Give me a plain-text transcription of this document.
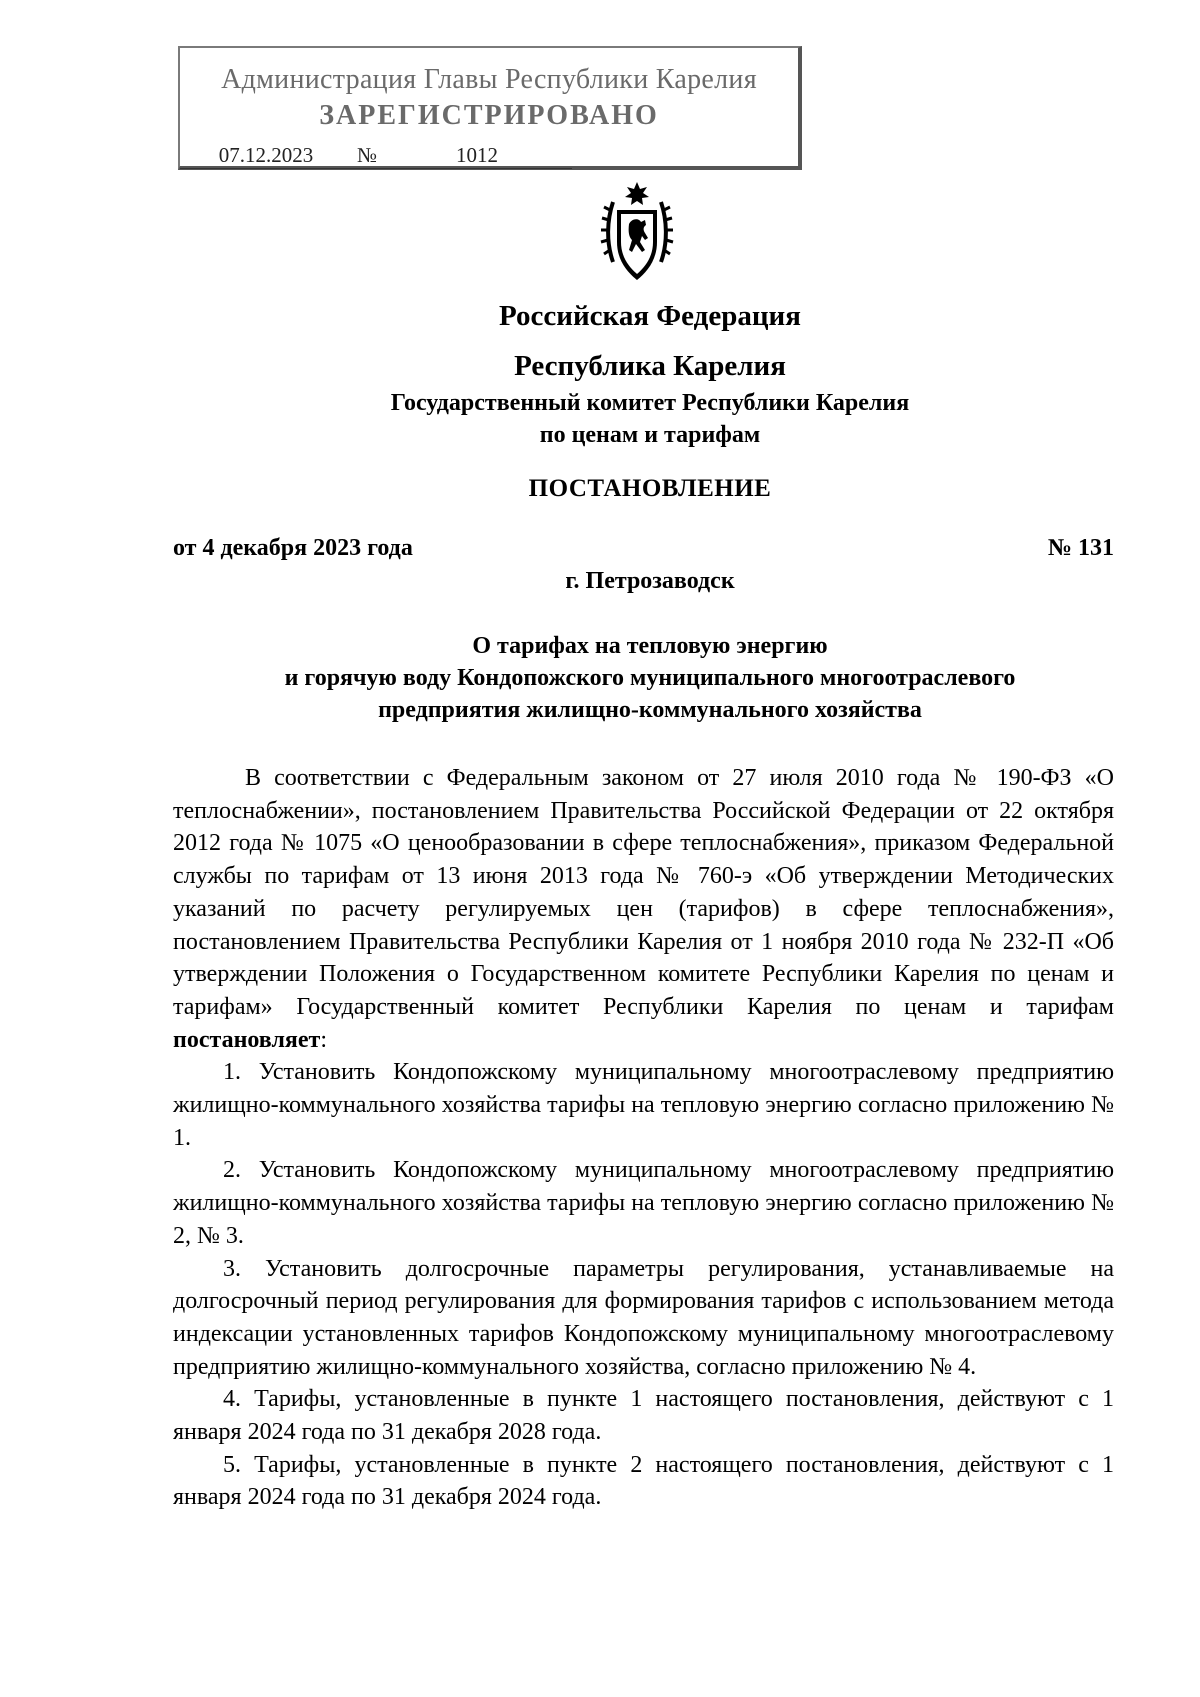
Администрация Главы Республики Карелия
ЗАРЕГИСТРИРОВАНО
07.12.2023 №	1012
Российская Федерация
Республика Карелия
Государственный комитет Республики Карелия
по ценам и тарифам
ПОСТАНОВЛЕНИЕ
от 4 декабря 2023 года	№ 131
г. Петрозаводск
О тарифах на тепловую энергию
и горячую воду Кондопожского муниципального многоотраслевого
предприятия жилищно-коммунального хозяйства

В соответствии с Федеральным законом от 27 июля 2010 года № 190-ФЗ «О теплоснабжении», постановлением Правительства Российской Федерации от 22 октября 2012 года № 1075 «О ценообразовании в сфере теплоснабжения», приказом Федеральной службы по тарифам от 13 июня 2013 года № 760-э «Об утверждении Методических указаний по расчету регулируемых цен (тарифов) в сфере теплоснабжения», постановлением Правительства Республики Карелия от 1 ноября 2010 года № 232-П «Об утверждении Положения о Государственном комитете Республики Карелия по ценам и тарифам» Государственный комитет Республики Карелия по ценам и тарифам постановляет:

1. Установить Кондопожскому муниципальному многоотраслевому предприятию жилищно-коммунального хозяйства тарифы на тепловую энергию согласно приложению № 1.

2. Установить Кондопожскому муниципальному многоотраслевому предприятию жилищно-коммунального хозяйства тарифы на тепловую энергию согласно приложению № 2, № 3.

3. Установить долгосрочные параметры регулирования, устанавливаемые на долгосрочный период регулирования для формирования тарифов с использованием метода индексации установленных тарифов Кондопожскому муниципальному многоотраслевому предприятию жилищно-коммунального хозяйства, согласно приложению № 4.

4. Тарифы, установленные в пункте 1 настоящего постановления, действуют с 1 января 2024 года по 31 декабря 2028 года.

5. Тарифы, установленные в пункте 2 настоящего постановления, действуют с 1 января 2024 года по 31 декабря 2024 года.
